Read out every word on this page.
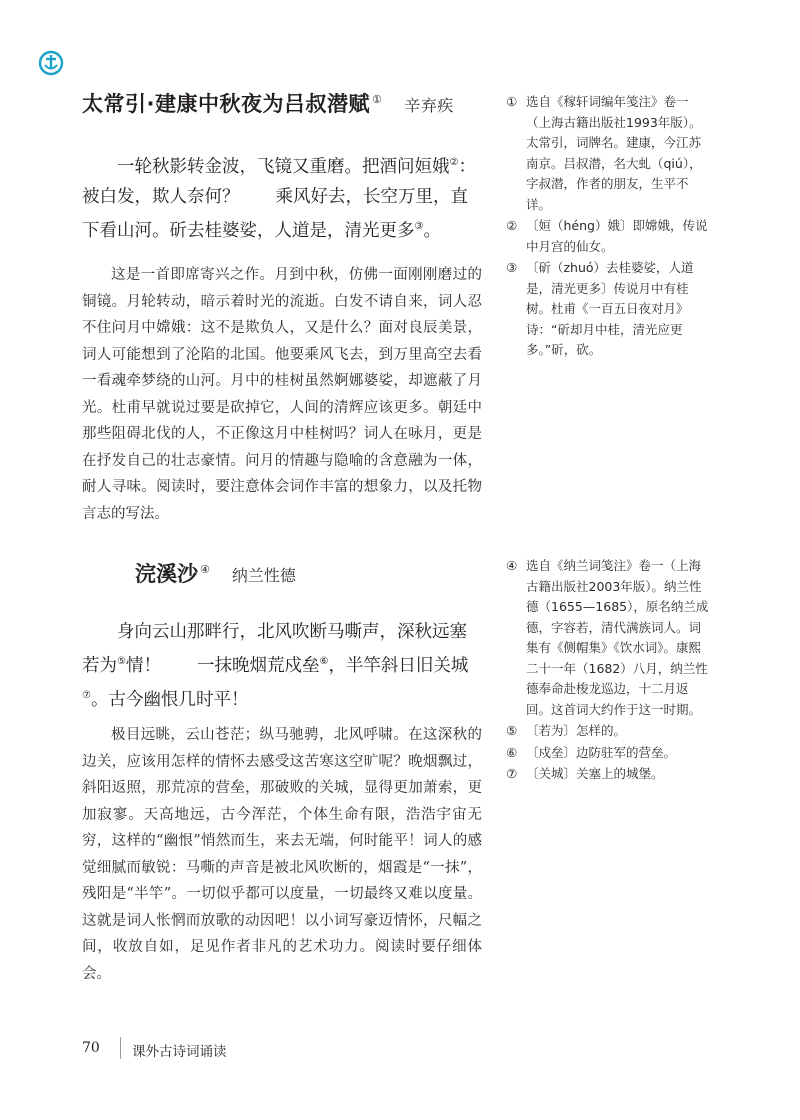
太常引·建康中秋夜为吕叔潜赋 ① 辛弃疾

一轮秋影转金波，飞镜又重磨。把酒问姮娥②：被白发，欺人奈何？ 乘风好去，长空万里，直下看山河。斫去桂婆娑，人道是，清光更多③。

这是一首即席寄兴之作。月到中秋，仿佛一面刚刚磨过的铜镜。月轮转动，暗示着时光的流逝。白发不请自来，词人忍不住问月中嫦娥：这不是欺负人，又是什么？面对良辰美景，词人可能想到了沦陷的北国。他要乘风飞去，到万里高空去看一看魂牵梦绕的山河。月中的桂树虽然婀娜婆娑，却遮蔽了月光。杜甫早就说过要是砍掉它，人间的清辉应该更多。朝廷中那些阻碍北伐的人，不正像这月中桂树吗？词人在咏月，更是在抒发自己的壮志豪情。问月的情趣与隐喻的含意融为一体，耐人寻味。阅读时，要注意体会词作丰富的想象力，以及托物言志的写法。

① 选自《稼轩词编年笺注》卷一（上海古籍出版社1993年版）。太常引，词牌名。建康，今江苏南京。吕叔潜，名大虬（qiú），字叔潜，作者的朋友，生平不详。
② 〔姮（héng）娥〕即嫦娥，传说中月宫的仙女。
③ 〔斫（zhuó）去桂婆娑，人道是，清光更多〕传说月中有桂树。杜甫《一百五日夜对月》诗：“斫却月中桂，清光应更多。”斫，砍。
浣溪沙 ④ 纳兰性德

身向云山那畔行，北风吹断马嘶声，深秋远塞若为⑤情！ 一抹晚烟荒戍垒⑥，半竿斜日旧关城⑦。古今幽恨几时平！

极目远眺，云山苍茫；纵马驰骋，北风呼啸。在这深秋的边关，应该用怎样的情怀去感受这苦寒这空旷呢？晚烟飘过，斜阳返照，那荒凉的营垒，那破败的关城，显得更加萧索，更加寂寥。天高地远，古今浑茫，个体生命有限，浩浩宇宙无穷，这样的“幽恨”悄然而生，来去无端，何时能平！词人的感觉细腻而敏锐：马嘶的声音是被北风吹断的，烟霞是“一抹”，残阳是“半竿”。一切似乎都可以度量，一切最终又难以度量。这就是词人怅惘而放歌的动因吧！以小词写豪迈情怀，尺幅之间，收放自如，足见作者非凡的艺术功力。阅读时要仔细体会。

④ 选自《纳兰词笺注》卷一（上海古籍出版社2003年版）。纳兰性德（1655—1685），原名纳兰成德，字容若，清代满族词人。词集有《侧帽集》《饮水词》。康熙二十一年（1682）八月，纳兰性德奉命赴梭龙巡边，十二月返回。这首词大约作于这一时期。
⑤ 〔若为〕怎样的。
⑥ 〔戍垒〕边防驻军的营垒。
⑦ 〔关城〕关塞上的城堡。
70 课外古诗词诵读
